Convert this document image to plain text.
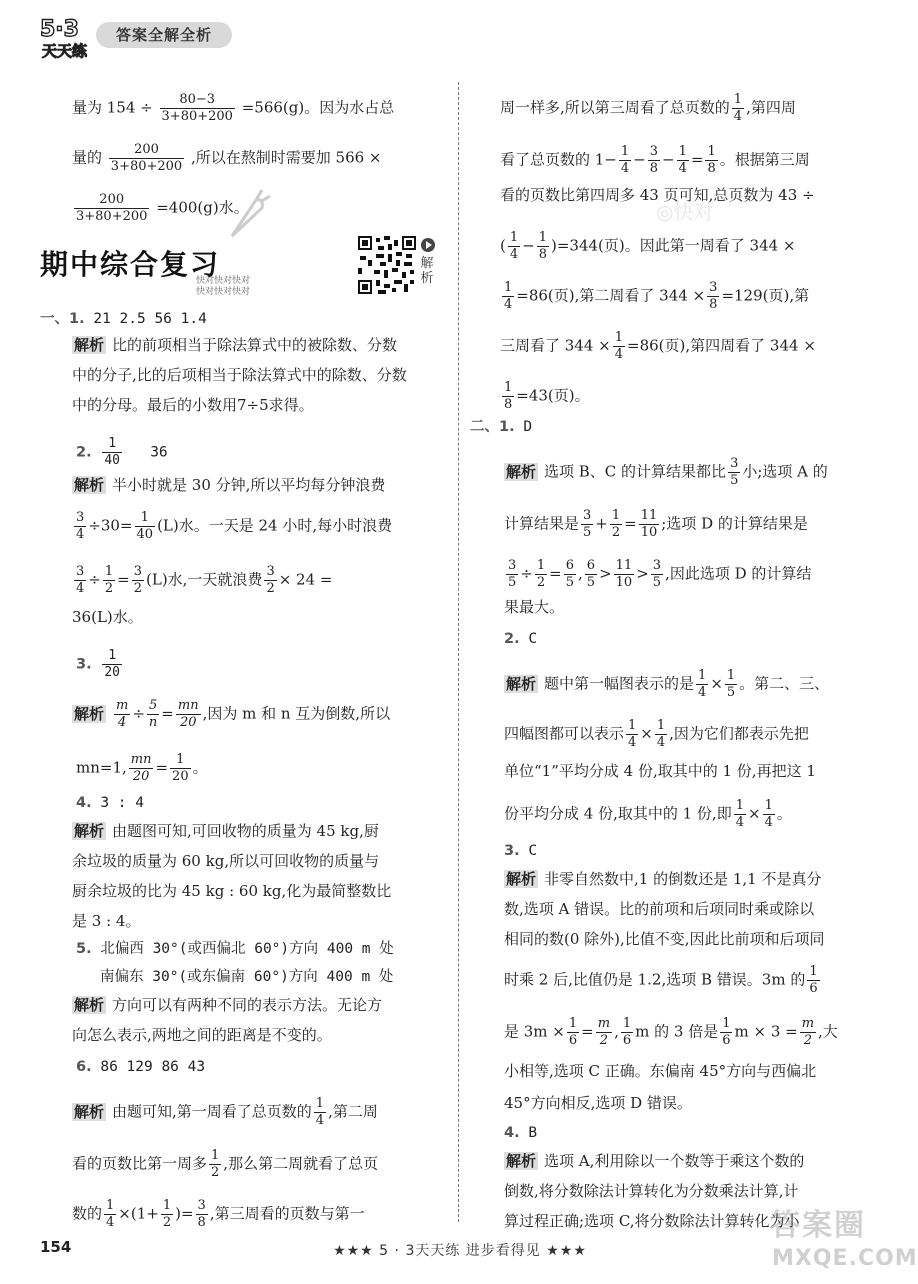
5·3
天天练
答案全解全析
量为 $154 \div \frac{80-3}{3+80+200} =566(g)$。因为水占总
量的 $\frac{200}{3+80+200}$ ,所以在熬制时需要加 566 ×
$\frac{200}{3+80+200} =400(g)$水。
期中综合复习
快对快对快对
快对快对快对
解析
一、1. 21 2.5 56 1.4
解析 比的前项相当于除法算式中的被除数、分数
中的分子,比的后项相当于除法算式中的除数、分数
中的分母。最后的小数用7÷5求得。
2. $\frac{1}{40} 36$
解析 半小时就是 30 分钟,所以平均每分钟浪费
$\frac{3}{4} \div 30= \frac{1}{40} (L)$水。一天是 24 小时,每小时浪费
$\frac{3}{4} \div \frac{1}{2} = \frac{3}{2} (L)$水,一天就浪费 $\frac{3}{2} \times 24$ =
36(L)水。
3. $\frac{1}{20}$
解析 $\frac{m}{4} \div \frac{5}{n} = \frac{mn}{20}$ ,因为 m 和 n 互为倒数,所以
mn=1, $\frac{mn}{20} = \frac{1}{20}$ 。
4. 3 : 4
解析 由题图可知,可回收物的质量为 45 kg,厨
余垃圾的质量为 60 kg,所以可回收物的质量与
厨余垃圾的比为 45 kg : 60 kg,化为最简整数比
是 3 : 4。
5. 北偏西 30°(或西偏北 60°)方向 400 m 处
南偏东 30°(或东偏南 60°)方向 400 m 处
解析 方向可以有两种不同的表示方法。无论方
向怎么表示,两地之间的距离是不变的。
6. 86 129 86 43
解析 由题可知,第一周看了总页数的 $\frac{1}{4}$ ,第二周
看的页数比第一周多 $\frac{1}{2}$ ,那么第二周就看了总页
数的 $\frac{1}{4} \times(1+ \frac{1}{2}$ )= $\frac{3}{8}$ ,第三周看的页数与第一
周一样多,所以第三周看了总页数的 $\frac{1}{4}$ ,第四周
看了总页数的 $1- \frac{1}{4} - \frac{3}{8} - \frac{1}{4} = \frac{1}{8}$ 。根据第三周
看的页数比第四周多 43 页可知,总页数为 43 ÷
( $\frac{1}{4} - \frac{1}{8} )=344$(页)。因此第一周看了 344 ×
$\frac{1}{4} =86$(页),第二周看了 $344 \times \frac{3}{8} =129$(页),第
三周看了 $344 \times \frac{1}{4} =86$(页),第四周看了 344 ×
$\frac{1}{8} =43$(页)。
◎快对
二、1. D
解析 选项 B、C 的计算结果都比 $\frac{3}{5}$ 小;选项 A 的
计算结果是 $\frac{3}{5} + \frac{1}{2} = \frac{11}{10}$ ;选项 D 的计算结果是
$\frac{3}{5} \div \frac{1}{2} = \frac{6}{5}$ , $\frac{6}{5} > \frac{11}{10} > \frac{3}{5}$ ,因此选项 D 的计算结
果最大。
2. C
解析 题中第一幅图表示的是 $\frac{1}{4} \times \frac{1}{5}$ 。第二、三、
四幅图都可以表示 $\frac{1}{4} \times \frac{1}{4}$ ,因为它们都表示先把
单位“1”平均分成 4 份,取其中的 1 份,再把这 1
份平均分成 4 份,取其中的 1 份,即 $\frac{1}{4} \times \frac{1}{4}$ 。
3. C
解析 非零自然数中,1 的倒数还是 1,1 不是真分
数,选项 A 错误。比的前项和后项同时乘或除以
相同的数(0 除外),比值不变,因此比前项和后项同
时乘 2 后,比值仍是 1.2,选项 B 错误。3m 的 $\frac{1}{6}$
是 $3m \times \frac{1}{6} = \frac{m}{2}$ , $\frac{1}{6}$ m 的 3 倍是 $\frac{1}{6}$ $m \times 3 = \frac{m}{2}$ ,大
小相等,选项 C 正确。东偏南 45°方向与西偏北
45°方向相反,选项 D 错误。
4. B
解析 选项 A,利用除以一个数等于乘这个数的
倒数,将分数除法计算转化为分数乘法计算,计
算过程正确;选项 C,将分数除法计算转化为小
154	★★★ 5 · 3天天练 进步看得见 ★★★
答案圈
MXQE.COM
